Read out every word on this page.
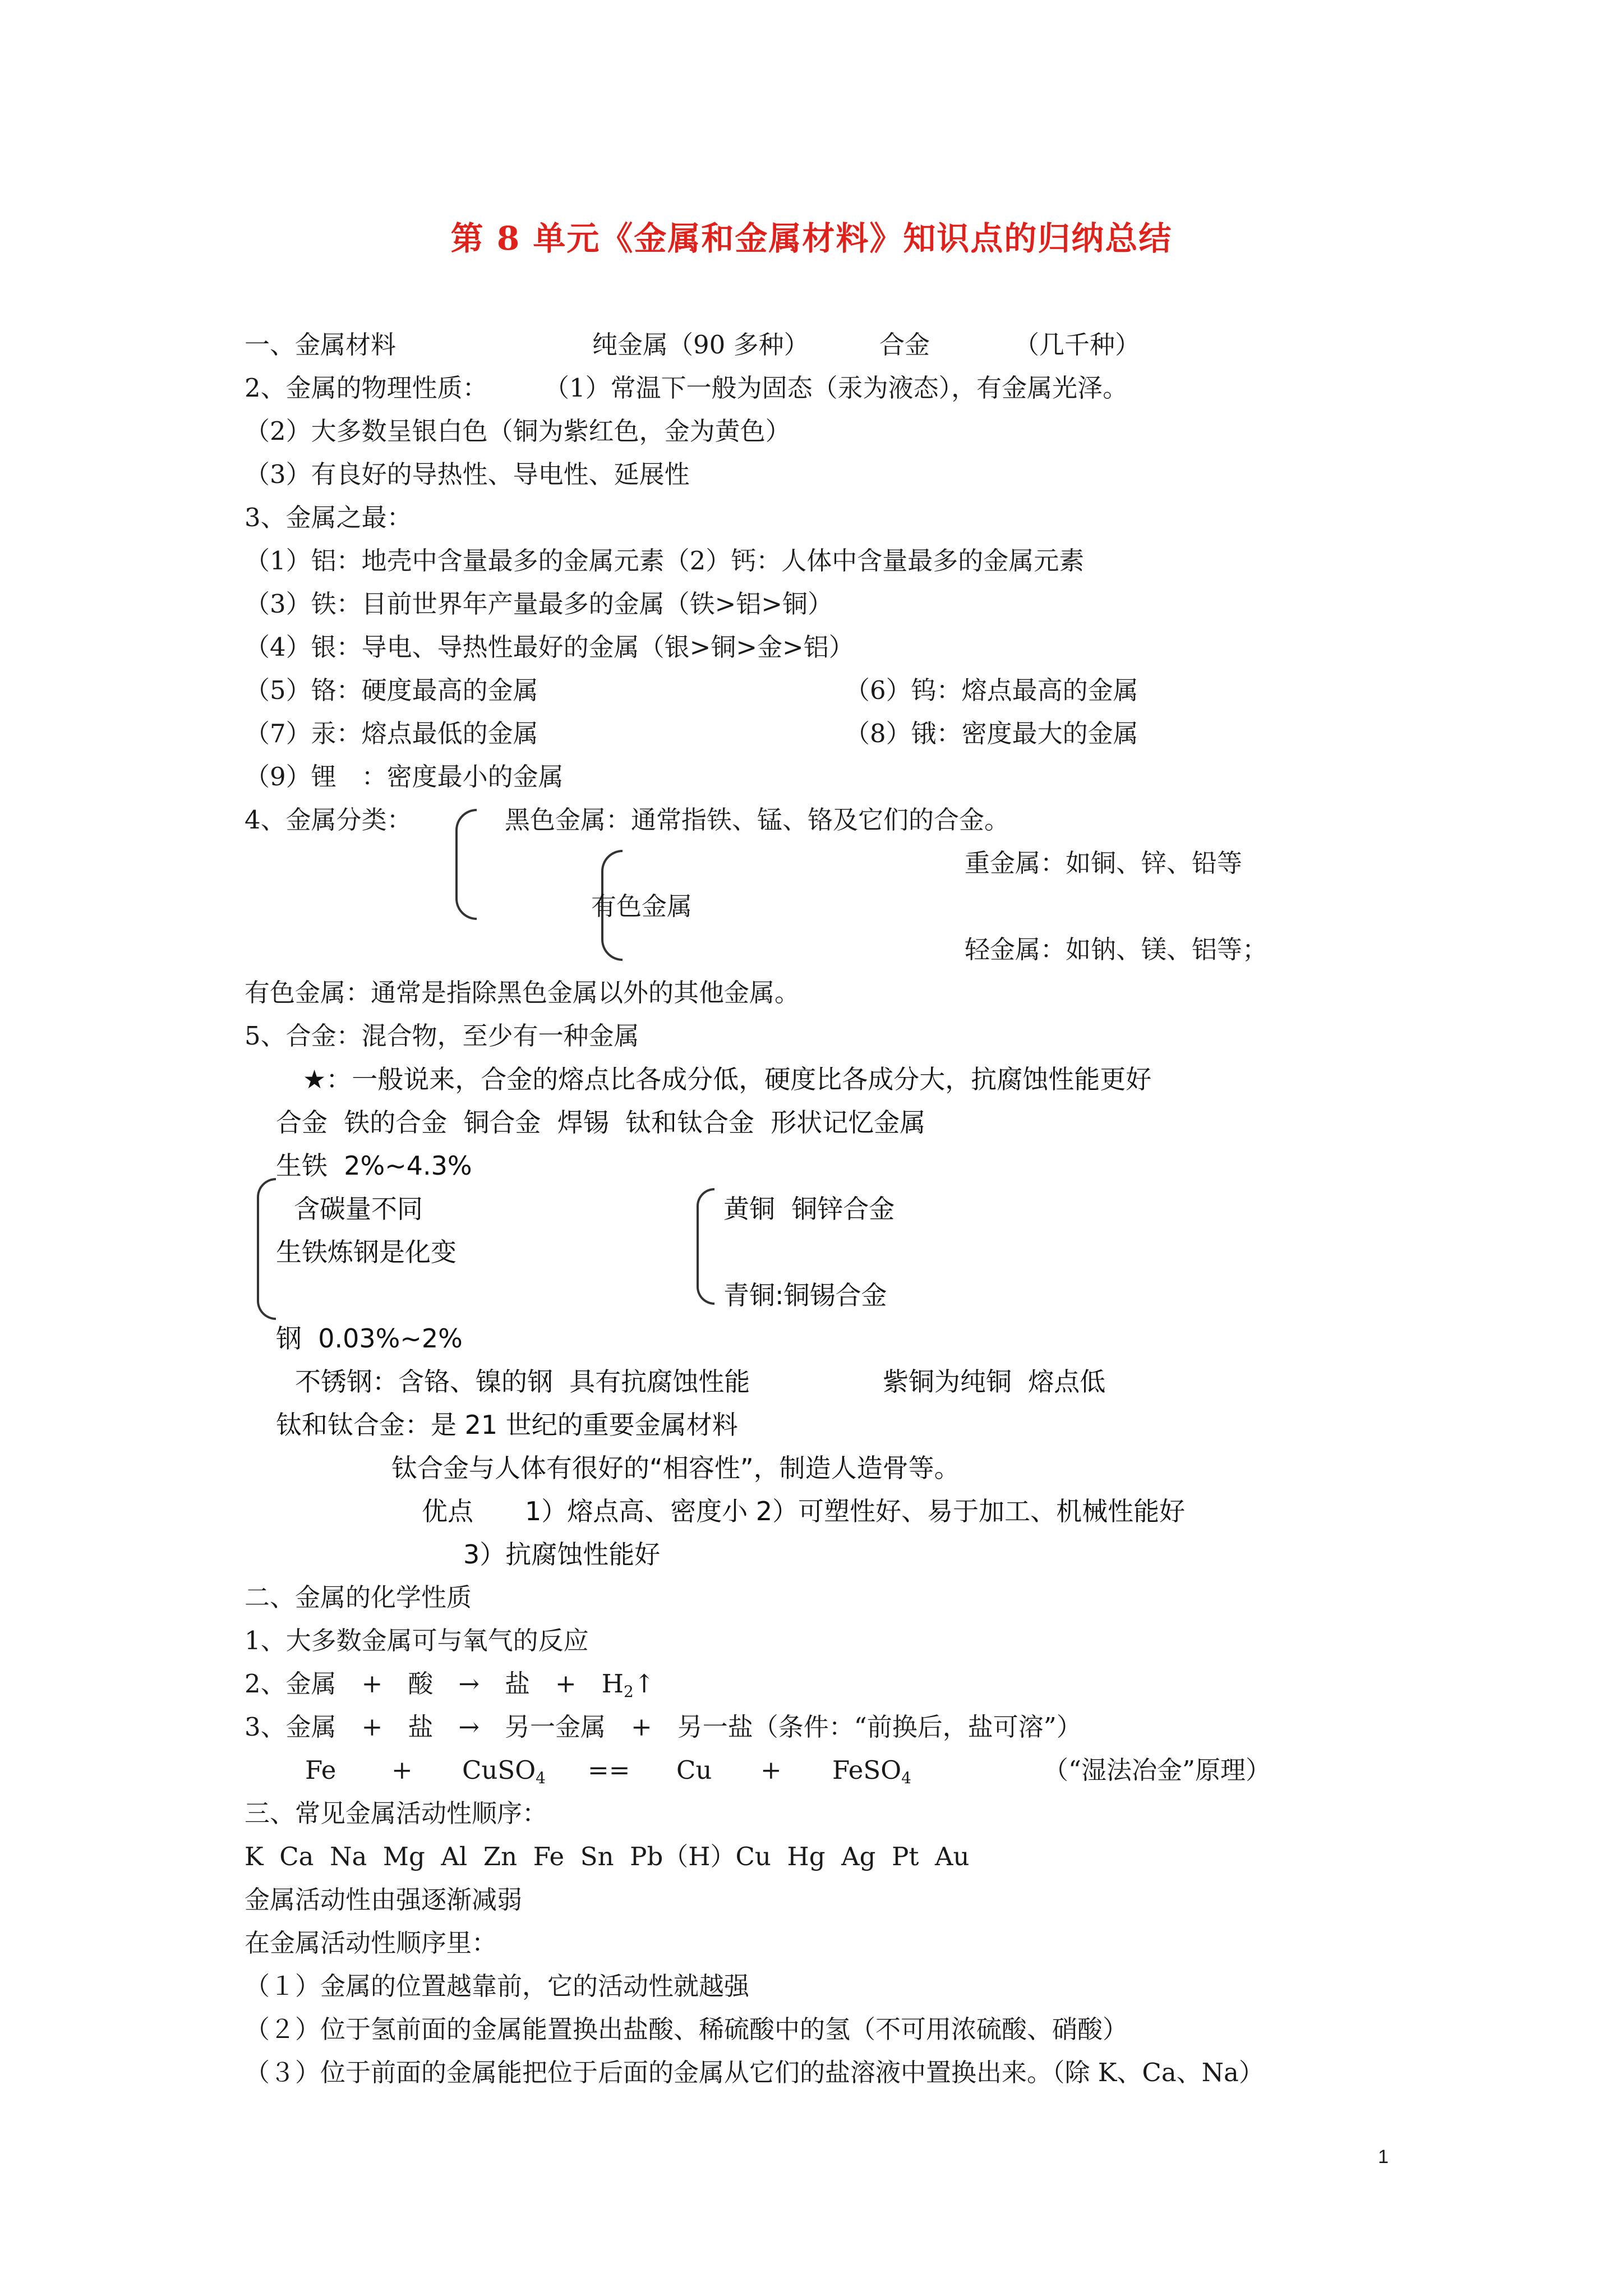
第 8 单元《金属和金属材料》知识点的归纳总结
一、金属材料	纯金属（90 多种）	合金	（几千种）
2、金属的物理性质： （1）常温下一般为固态（汞为液态），有金属光泽。
（2）大多数呈银白色（铜为紫红色，金为黄色）
（3）有良好的导热性、导电性、延展性
3、金属之最：
（1）铝：地壳中含量最多的金属元素（2）钙：人体中含量最多的金属元素
（3）铁：目前世界年产量最多的金属（铁>铝>铜）
（4）银：导电、导热性最好的金属（银>铜>金>铝）
（5）铬：硬度最高的金属	（6）钨：熔点最高的金属
（7）汞：熔点最低的金属	（8）锇：密度最大的金属
（9）锂　：密度最小的金属
4、金属分类：	黑色金属：通常指铁、锰、铬及它们的合金。
重金属：如铜、锌、铅等
有色金属
轻金属：如钠、镁、铝等；
有色金属：通常是指除黑色金属以外的其他金属。
5、合金：混合物，至少有一种金属
★：一般说来，合金的熔点比各成分低，硬度比各成分大，抗腐蚀性能更好
合金  铁的合金  铜合金  焊锡  钛和钛合金  形状记忆金属
生铁  2%~4.3%
含碳量不同
生铁炼钢是化变
黄铜  铜锌合金
青铜:铜锡合金
钢  0.03%~2%
不锈钢：含铬、镍的钢  具有抗腐蚀性能	紫铜为纯铜  熔点低
钛和钛合金：是 21 世纪的重要金属材料
钛合金与人体有很好的“相容性”，制造人造骨等。
优点　　1）熔点高、密度小 2）可塑性好、易于加工、机械性能好
3）抗腐蚀性能好
二、金属的化学性质
1、大多数金属可与氧气的反应
2、金属　+　酸　→　盐　+　$H_2↑$
3、金属　+　盐　→　另一金属　+　另一盐（条件：“前换后，盐可溶”）
Fe + CuSO$_4$ == Cu + FeSO$_4$	（“湿法冶金”原理）
三、常见金属活动性顺序：
K  Ca  Na  Mg  Al  Zn  Fe  Sn  Pb（H）Cu  Hg  Ag  Pt  Au
金属活动性由强逐渐减弱
在金属活动性顺序里：
（１）金属的位置越靠前，它的活动性就越强
（２）位于氢前面的金属能置换出盐酸、稀硫酸中的氢（不可用浓硫酸、硝酸）
（３）位于前面的金属能把位于后面的金属从它们的盐溶液中置换出来。（除 K、Ca、Na）
1
